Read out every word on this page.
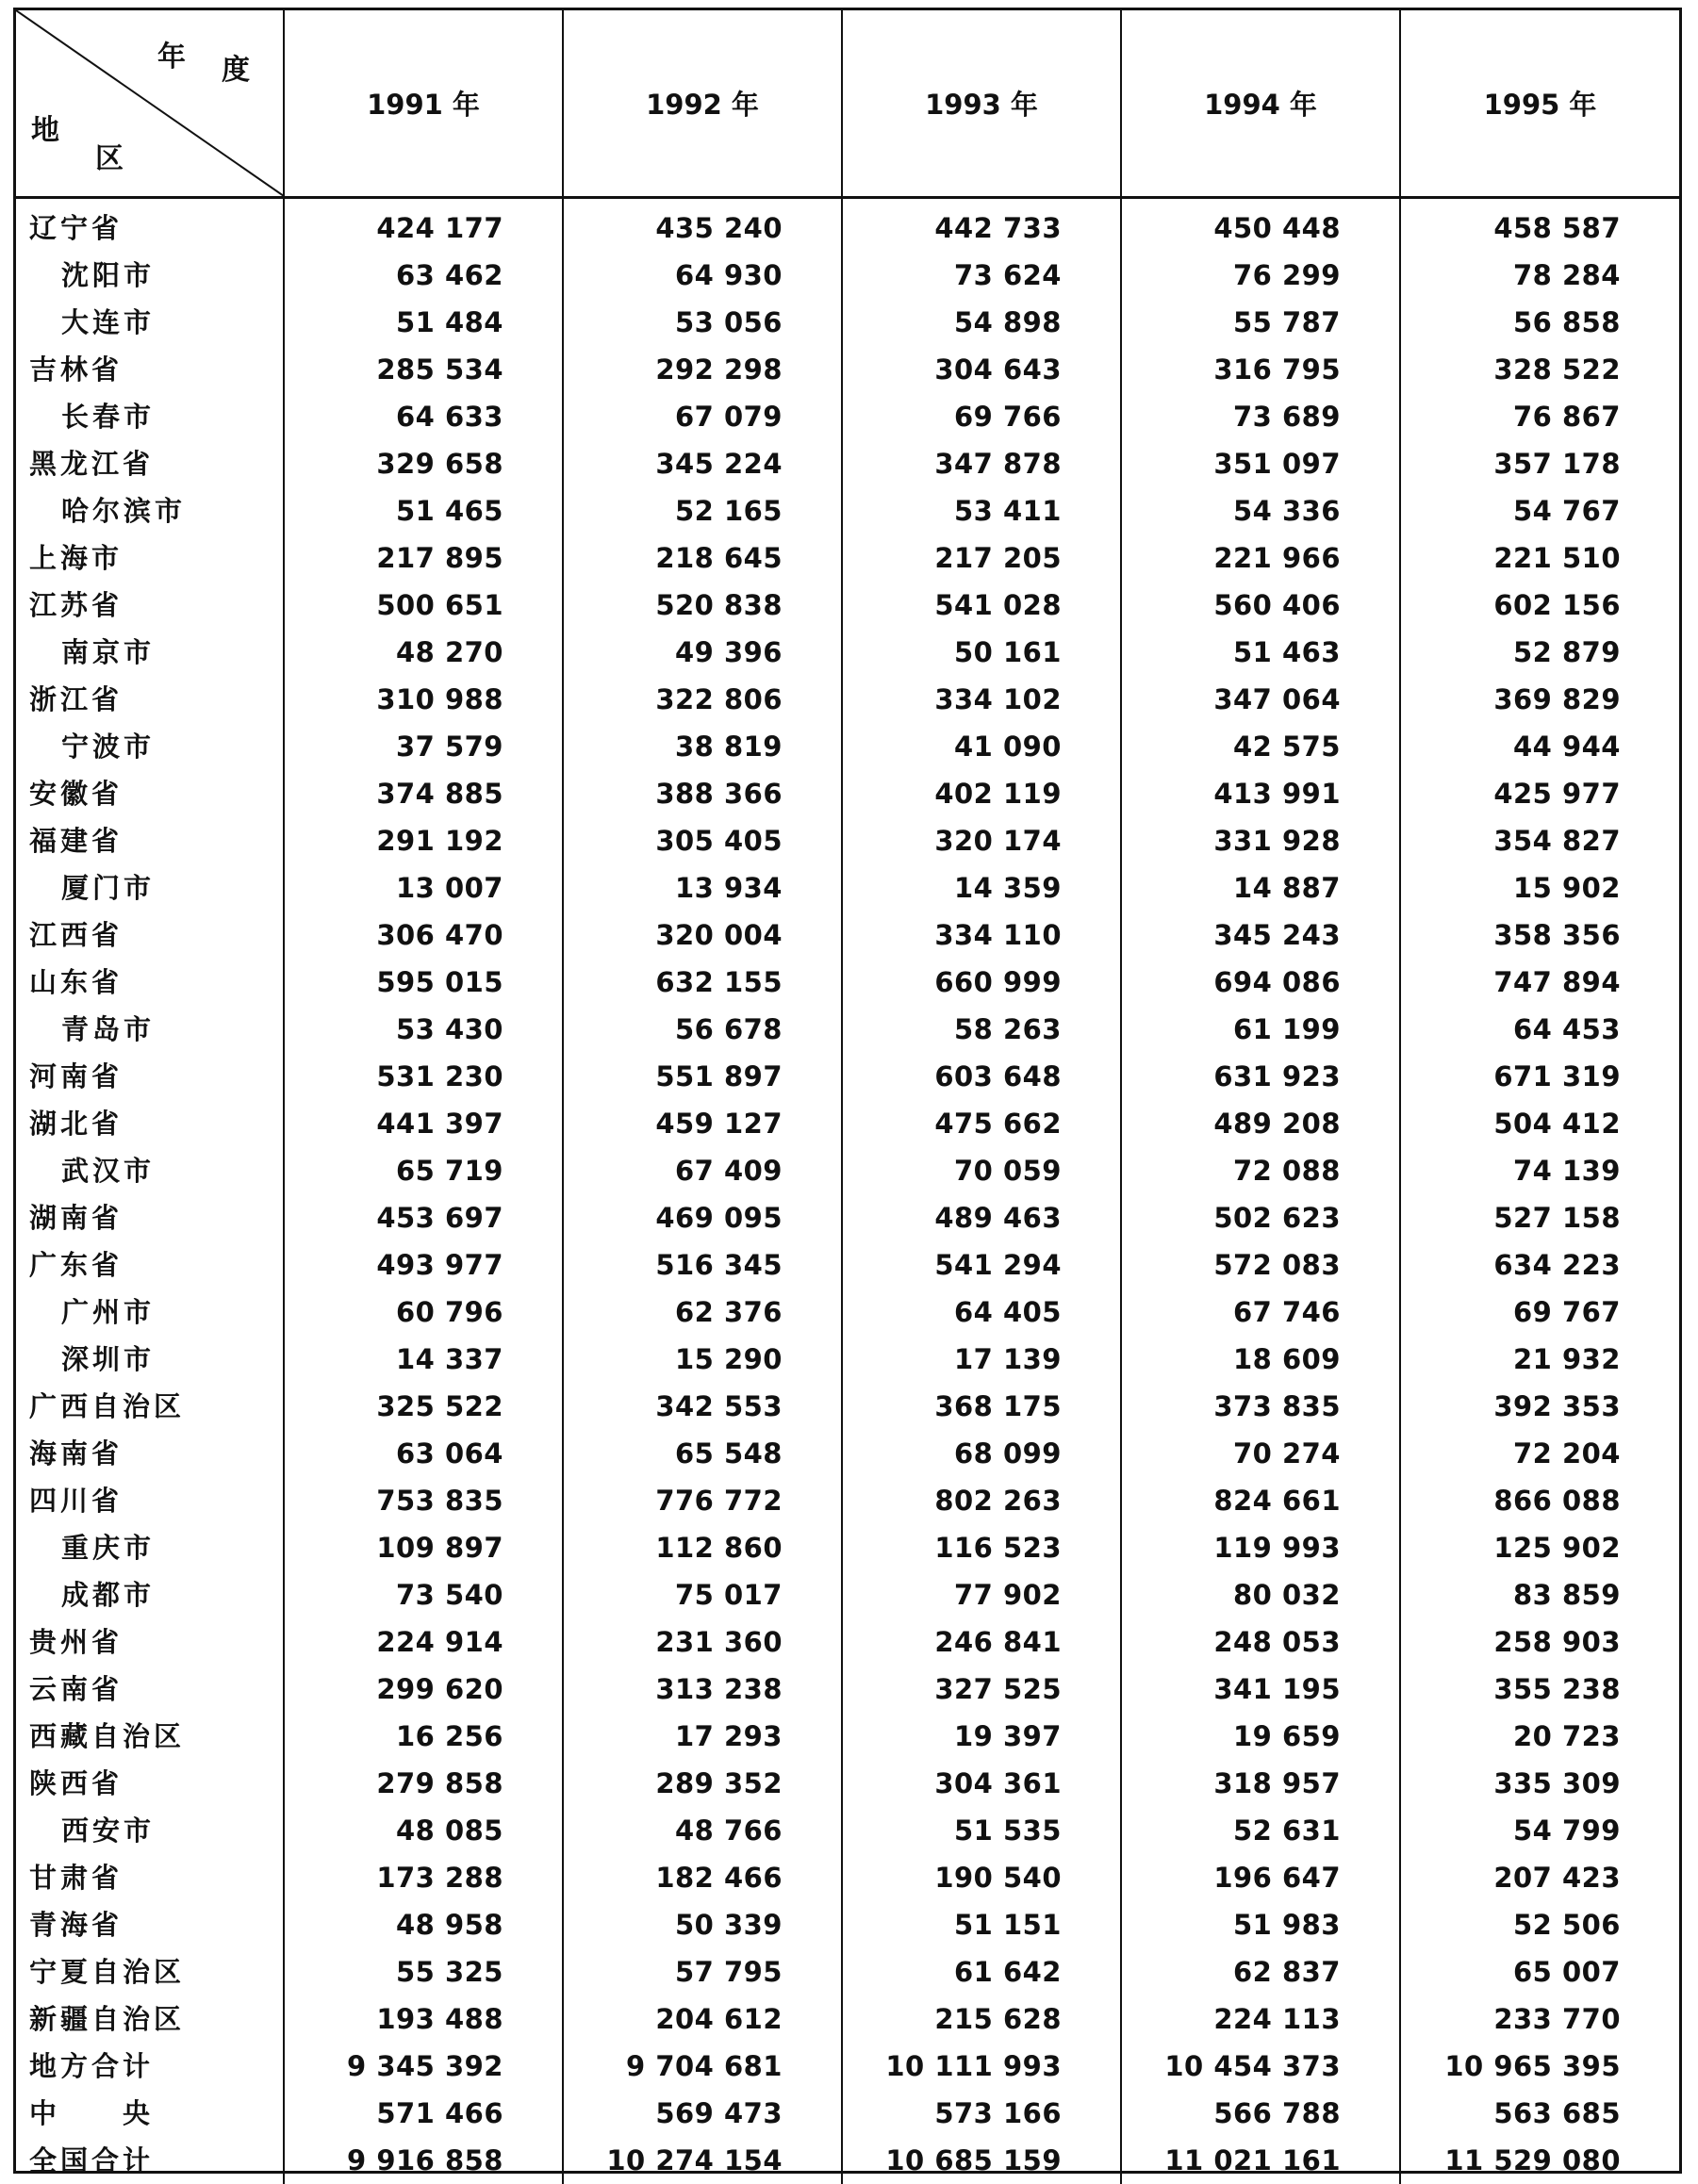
年 度
地
区	1991 年	1992 年	1993 年	1994 年	1995 年
辽宁省	424 177	435 240	442 733	450 448	458 587
沈阳市	63 462	64 930	73 624	76 299	78 284
大连市	51 484	53 056	54 898	55 787	56 858
吉林省	285 534	292 298	304 643	316 795	328 522
长春市	64 633	67 079	69 766	73 689	76 867
黑龙江省	329 658	345 224	347 878	351 097	357 178
哈尔滨市	51 465	52 165	53 411	54 336	54 767
上海市	217 895	218 645	217 205	221 966	221 510
江苏省	500 651	520 838	541 028	560 406	602 156
南京市	48 270	49 396	50 161	51 463	52 879
浙江省	310 988	322 806	334 102	347 064	369 829
宁波市	37 579	38 819	41 090	42 575	44 944
安徽省	374 885	388 366	402 119	413 991	425 977
福建省	291 192	305 405	320 174	331 928	354 827
厦门市	13 007	13 934	14 359	14 887	15 902
江西省	306 470	320 004	334 110	345 243	358 356
山东省	595 015	632 155	660 999	694 086	747 894
青岛市	53 430	56 678	58 263	61 199	64 453
河南省	531 230	551 897	603 648	631 923	671 319
湖北省	441 397	459 127	475 662	489 208	504 412
武汉市	65 719	67 409	70 059	72 088	74 139
湖南省	453 697	469 095	489 463	502 623	527 158
广东省	493 977	516 345	541 294	572 083	634 223
广州市	60 796	62 376	64 405	67 746	69 767
深圳市	14 337	15 290	17 139	18 609	21 932
广西自治区	325 522	342 553	368 175	373 835	392 353
海南省	63 064	65 548	68 099	70 274	72 204
四川省	753 835	776 772	802 263	824 661	866 088
重庆市	109 897	112 860	116 523	119 993	125 902
成都市	73 540	75 017	77 902	80 032	83 859
贵州省	224 914	231 360	246 841	248 053	258 903
云南省	299 620	313 238	327 525	341 195	355 238
西藏自治区	16 256	17 293	19 397	19 659	20 723
陕西省	279 858	289 352	304 361	318 957	335 309
西安市	48 085	48 766	51 535	52 631	54 799
甘肃省	173 288	182 466	190 540	196 647	207 423
青海省	48 958	50 339	51 151	51 983	52 506
宁夏自治区	55 325	57 795	61 642	62 837	65 007
新疆自治区	193 488	204 612	215 628	224 113	233 770
地方合计	9 345 392	9 704 681	10 111 993	10 454 373	10 965 395
中　　央	571 466	569 473	573 166	566 788	563 685
全国合计	9 916 858	10 274 154	10 685 159	11 021 161	11 529 080
